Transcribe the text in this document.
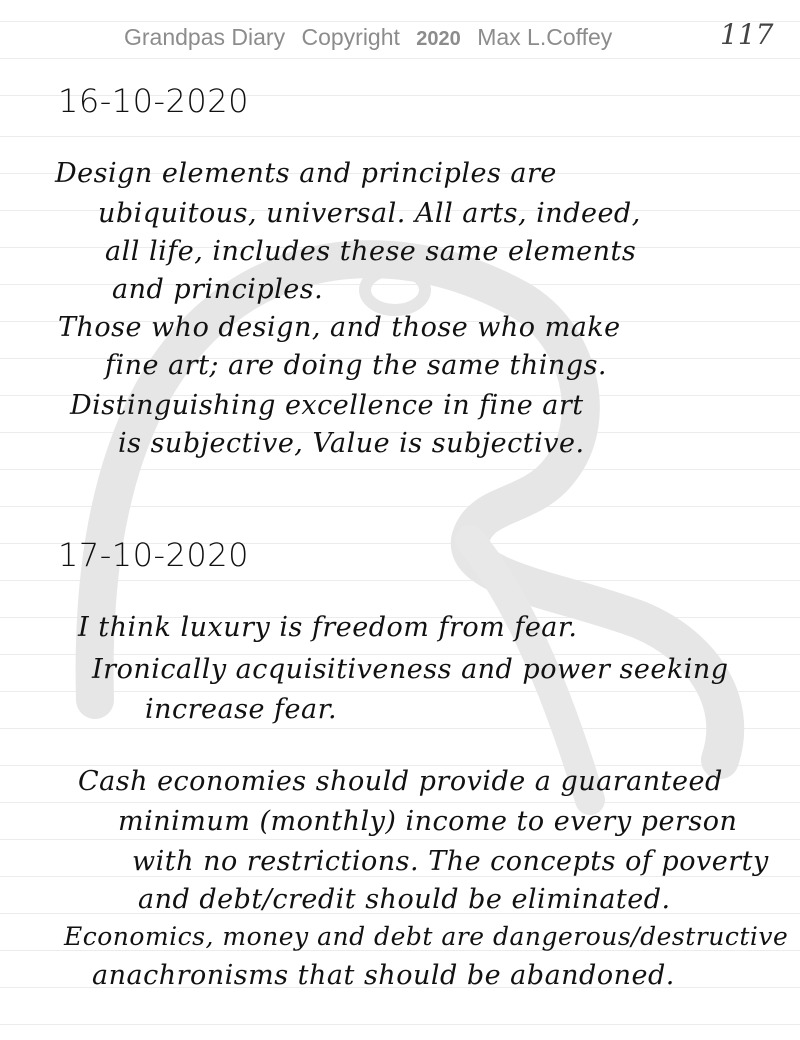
Grandpas Diary Copyright 2020 Max L.Coffey	117
16-10-2020
Design elements and principles are
ubiquitous, universal. All arts, indeed,
all life, includes these same elements
and principles.
Those who design, and those who make
fine art; are doing the same things.
Distinguishing excellence in fine art
is subjective, Value is subjective.
17-10-2020
I think luxury is freedom from fear.
Ironically acquisitiveness and power seeking
increase fear.
Cash economies should provide a guaranteed
minimum (monthly) income to every person
with no restrictions. The concepts of poverty
and debt/credit should be eliminated.
Economics, money and debt are dangerous/destructive
anachronisms that should be abandoned.
